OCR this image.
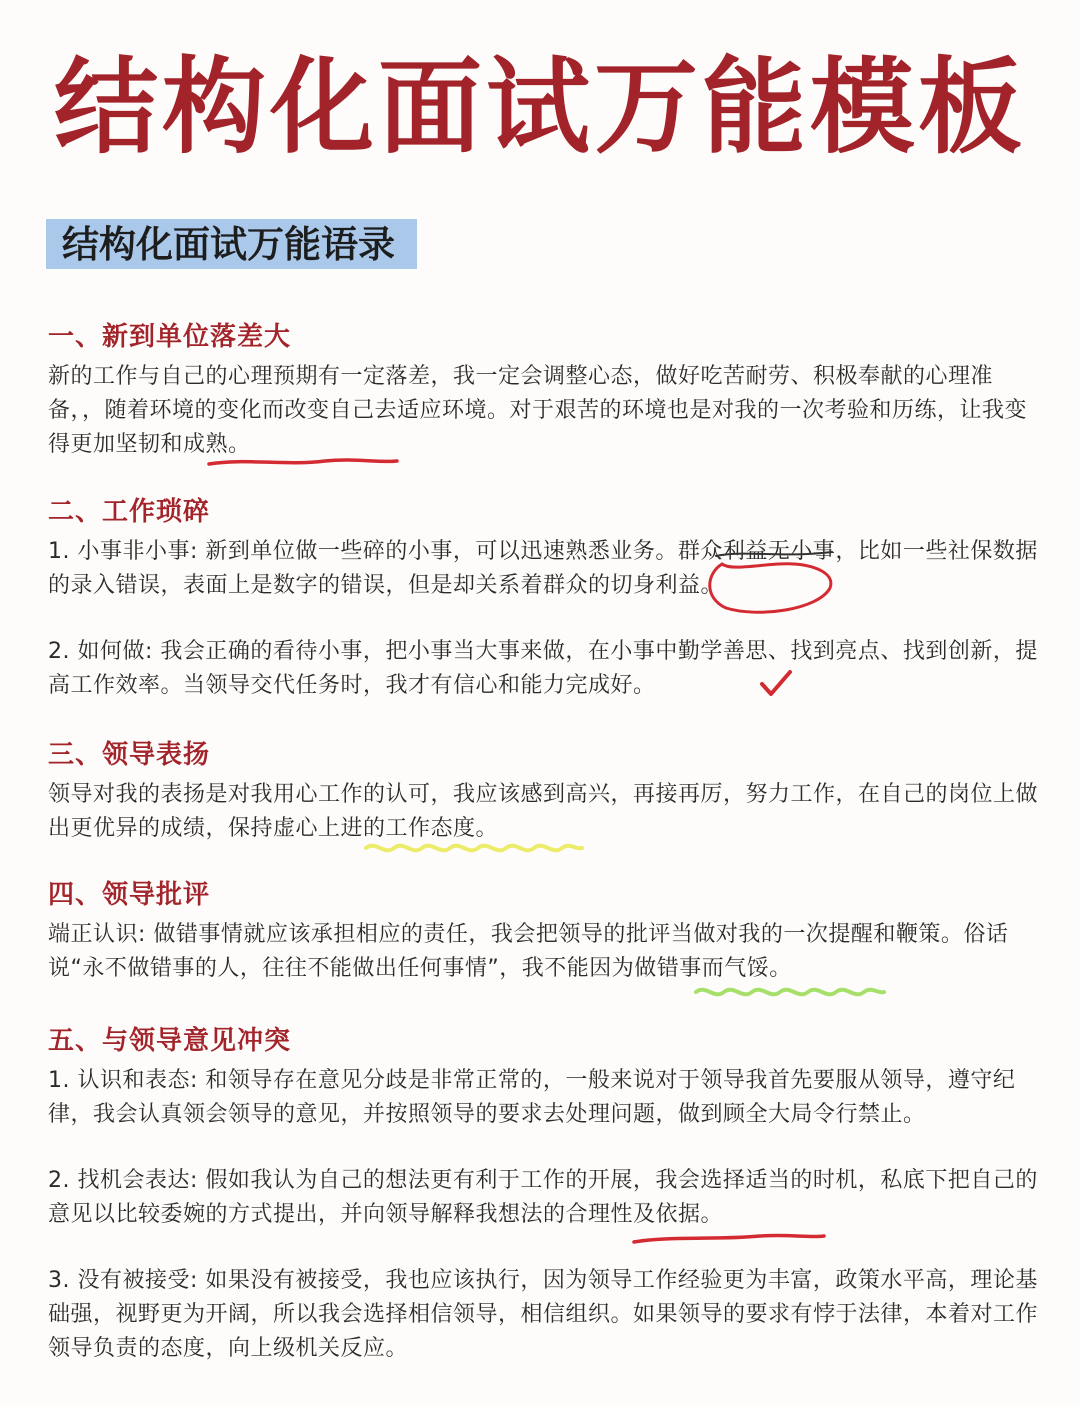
结构化面试万能模板
结构化面试万能语录
一、新到单位落差大

新的工作与自己的心理预期有一定落差，我一定会调整心态，做好吃苦耐劳、积极奉献的心理准备，，随着环境的变化而改变自己去适应环境。对于艰苦的环境也是对我的一次考验和历练，让我变得更加坚韧和成熟。

二、工作琐碎

1. 小事非小事: 新到单位做一些碎的小事，可以迅速熟悉业务。群众利益无小事，比如一些社保数据的录入错误，表面上是数字的错误，但是却关系着群众的切身利益。

2. 如何做: 我会正确的看待小事，把小事当大事来做，在小事中勤学善思、找到亮点、找到创新，提高工作效率。当领导交代任务时，我才有信心和能力完成好。

三、领导表扬

领导对我的表扬是对我用心工作的认可，我应该感到高兴，再接再厉，努力工作，在自己的岗位上做出更优异的成绩，保持虚心上进的工作态度。

四、领导批评

端正认识: 做错事情就应该承担相应的责任，我会把领导的批评当做对我的一次提醒和鞭策。俗话说“永不做错事的人，往往不能做出任何事情”，我不能因为做错事而气馁。

五、与领导意见冲突

1. 认识和表态: 和领导存在意见分歧是非常正常的，一般来说对于领导我首先要服从领导，遵守纪律，我会认真领会领导的意见，并按照领导的要求去处理问题，做到顾全大局令行禁止。

2. 找机会表达: 假如我认为自己的想法更有利于工作的开展，我会选择适当的时机，私底下把自己的意见以比较委婉的方式提出，并向领导解释我想法的合理性及依据。

3. 没有被接受: 如果没有被接受，我也应该执行，因为领导工作经验更为丰富，政策水平高，理论基础强，视野更为开阔，所以我会选择相信领导，相信组织。如果领导的要求有悖于法律，本着对工作领导负责的态度，向上级机关反应。
